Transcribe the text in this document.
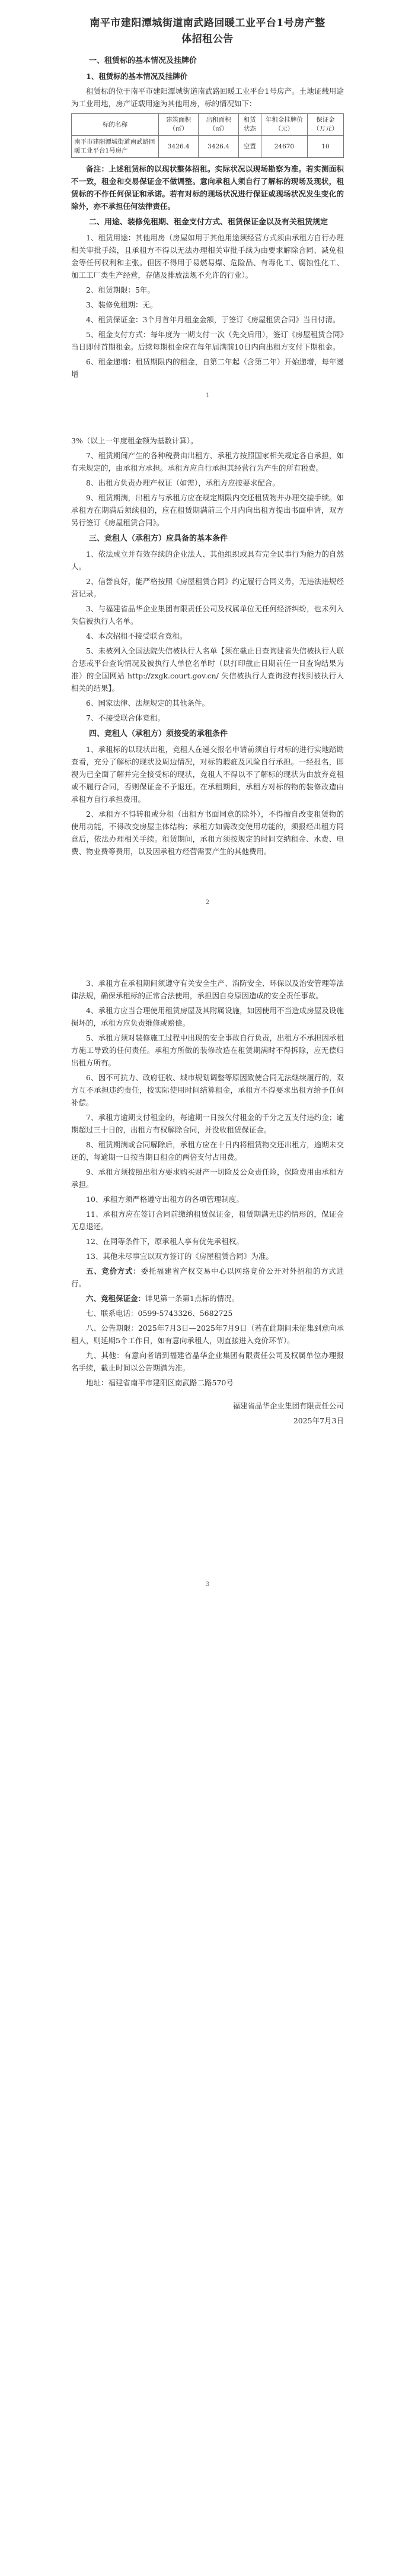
南平市建阳潭城街道南武路回暖工业平台1号房产整体招租公告
一、租赁标的基本情况及挂牌价
1、租赁标的基本情况及挂牌价
租赁标的位于南平市建阳潭城街道南武路回暖工业平台1号房产。土地证载用途为工业用地，房产证载用途为其他用房，标的情况如下：
标的名称	建筑面积（㎡）	出租面积（㎡）	租赁状态	年租金挂牌价（元）	保证金（万元）
南平市建阳潭城街道南武路回暖工业平台1号房产	3426.4	3426.4	空置	24670	10
备注：上述租赁标的以现状整体招租。实际状况以现场勘察为准。若实测面积不一致，租金和交易保证金不做调整。意向承租人须自行了解标的现场及现状，租赁标的不作任何保证和承诺。若有对标的现场状况进行保证或现场状况发生变化的除外，亦不承担任何法律责任。
二、用途、装修免租期、租金支付方式、租赁保证金以及有关租赁规定
1、租赁用途：其他用房（房屋如用于其他用途须经营方式须由承租方自行办理相关审批手续，且承租方不得以无法办理相关审批手续为由要求解除合同、减免租金等任何权利和主张。但因不得用于易燃易爆、危险品、有毒化工、腐蚀性化工、加工工厂类生产经营，存储及排放法规不允许的行业）。
2、租赁期限：5年。
3、装修免租期：无。
4、租赁保证金：3个月首年月租金金额，于签订《房屋租赁合同》当日付清。
5、租金支付方式：每年度为一期支付一次（先交后用），签订《房屋租赁合同》当日即付首期租金。后续每期租金应在每年届满前10日内向出租方支付下期租金。
6、租金递增：租赁期限内的租金，自第二年起（含第二年）开始递增，每年递增
1
3%（以上一年度租金额为基数计算）。
7、租赁期间产生的各种税费由出租方、承租方按照国家相关规定各自承担，如有未规定的，由承租方承担。承租方应自行承担其经营行为产生的所有税费。
8、出租方负责办理产权证（如需），承租方应按要求配合。
9、租赁期满，出租方与承租方应在规定期限内交还租赁物并办理交接手续。如承租方在期满后须续租的，应在租赁期满前三个月内向出租方提出书面申请，双方另行签订《房屋租赁合同》。
三、竞租人（承租方）应具备的基本条件
1、依法成立并有效存续的企业法人、其他组织或具有完全民事行为能力的自然人。
2、信誉良好，能严格按照《房屋租赁合同》约定履行合同义务，无违法违规经营记录。
3、与福建省晶华企业集团有限责任公司及权属单位无任何经济纠纷，也未列入失信被执行人名单。
4、本次招租不接受联合竞租。
5、未被列入全国法院失信被执行人名单【须在截止日查询建省失信被执行人联合惩戒平台查询情况及被执行人单位名单时（以打印截止日期前任一日查询结果为准）的全国网站 http://zxgk.court.gov.cn/ 失信被执行人查询没有找到被执行人相关的结果】。
6、国家法律、法规规定的其他条件。
7、不接受联合体竞租。
四、竞租人（承租方）须接受的承租条件
1、承租标的以现状出租，竞租人在递交报名申请前须自行对标的进行实地踏勘查看，充分了解标的现状及周边情况，对标的瑕疵及风险自行承担。一经报名，即视为已全面了解并完全接受标的现状，竞租人不得以不了解标的现状为由放弃竞租或不履行合同，否则保证金不予退还。在承租期间，承租方对标的物的装修改造由承租方自行承担费用。
2、承租方不得转租或分租（出租方书面同意的除外），不得擅自改变租赁物的使用功能，不得改变房屋主体结构；承租方如需改变使用功能的，须报经出租方同意后，依法办理相关手续。租赁期间，承租方须按规定的时间交纳租金、水费、电费、物业费等费用，以及因承租方经营需要产生的其他费用。
2
3、承租方在承租期间须遵守有关安全生产、消防安全、环保以及治安管理等法律法规，确保承租标的正常合法使用，承担因自身原因造成的安全责任事故。
4、承租方应当合理使用租赁房屋及其附属设施，如因使用不当造成房屋及设施损坏的，承租方应负责维修或赔偿。
5、承租方须对装修施工过程中出现的安全事故自行负责，出租方不承担因承租方施工导致的任何责任。承租方所做的装修改造在租赁期满时不得拆除，应无偿归出租方所有。
6、因不可抗力、政府征收、城市规划调整等原因致使合同无法继续履行的，双方互不承担违约责任，按实际使用时间结算租金，承租方不得要求出租方给予任何补偿。
7、承租方逾期支付租金的，每逾期一日按欠付租金的千分之五支付违约金；逾期超过三十日的，出租方有权解除合同，并没收租赁保证金。
8、租赁期满或合同解除后，承租方应在十日内将租赁物交还出租方，逾期未交还的，每逾期一日按当期日租金的两倍支付占用费。
9、承租方须按照出租方要求购买财产一切险及公众责任险，保险费用由承租方承担。
10、承租方须严格遵守出租方的各项管理制度。
11、承租方应在签订合同前缴纳租赁保证金，租赁期满无违约情形的，保证金无息退还。
12、在同等条件下，原承租人享有优先承租权。
13、其他未尽事宜以双方签订的《房屋租赁合同》为准。
五、竞价方式：委托福建省产权交易中心以网络竞价公开对外招租的方式进行。
六、竞租保证金：详见第一条第1点标的情况。
七、联系电话：0599-5743326、5682725
八、公告期限：2025年7月3日—2025年7月9日（若在此期间未征集到意向承租人，则延期5个工作日，如有意向承租人，则直接进入竞价环节）。
九、其他：有意向者请到福建省晶华企业集团有限责任公司及权属单位办理报名手续，截止时间以公告期满为准。
地址：福建省南平市建阳区南武路二路570号
福建省晶华企业集团有限责任公司
2025年7月3日
3
